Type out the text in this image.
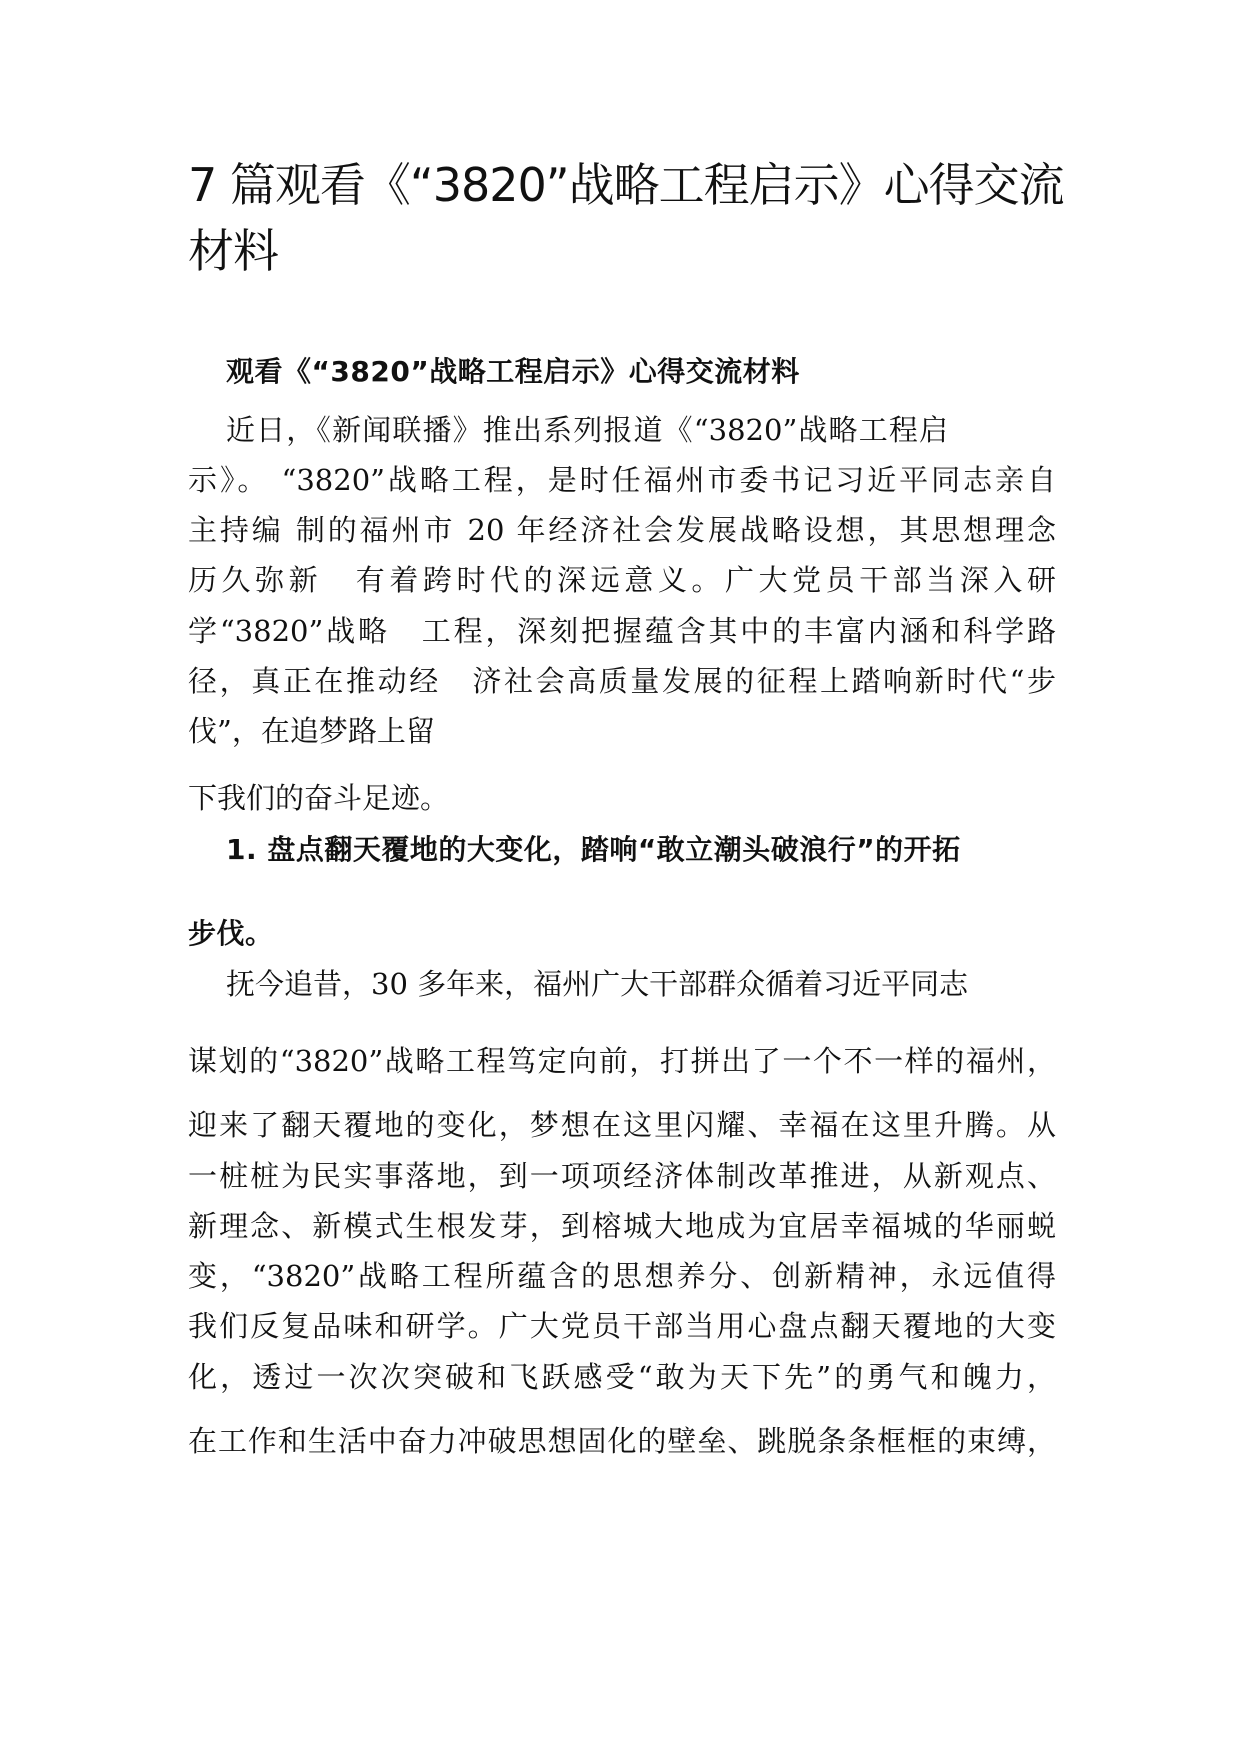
7 篇观看《“3820”战略工程启示》心得交流 材料

观看《“3820”战略工程启示》心得交流材料

近日，《新闻联播》推出系列报道《“3820”战略工程启

示》。 “3820”战略工程，是时任福州市委书记习近平同志亲自

主持编 制的福州市 20 年经济社会发展战略设想，其思想理念

历久弥新　有着跨时代的深远意义。广大党员干部当深入研

学“3820”战略　工程，深刻把握蕴含其中的丰富内涵和科学路

径，真正在推动经　济社会高质量发展的征程上踏响新时代“步

伐”，在追梦路上留

下我们的奋斗足迹。

1. 盘点翻天覆地的大变化，踏响“敢立潮头破浪行”的开拓

步伐。

抚今追昔，30 多年来，福州广大干部群众循着习近平同志

谋划的“3820”战略工程笃定向前，打拼出了一个不一样的福州，

迎来了翻天覆地的变化，梦想在这里闪耀、幸福在这里升腾。从

一桩桩为民实事落地，到一项项经济体制改革推进，从新观点、

新理念、新模式生根发芽，到榕城大地成为宜居幸福城的华丽蜕

变，“3820”战略工程所蕴含的思想养分、创新精神，永远值得

我们反复品味和研学。广大党员干部当用心盘点翻天覆地的大变

化，透过一次次突破和飞跃感受“敢为天下先”的勇气和魄力，

在工作和生活中奋力冲破思想固化的壁垒、跳脱条条框框的束缚，
